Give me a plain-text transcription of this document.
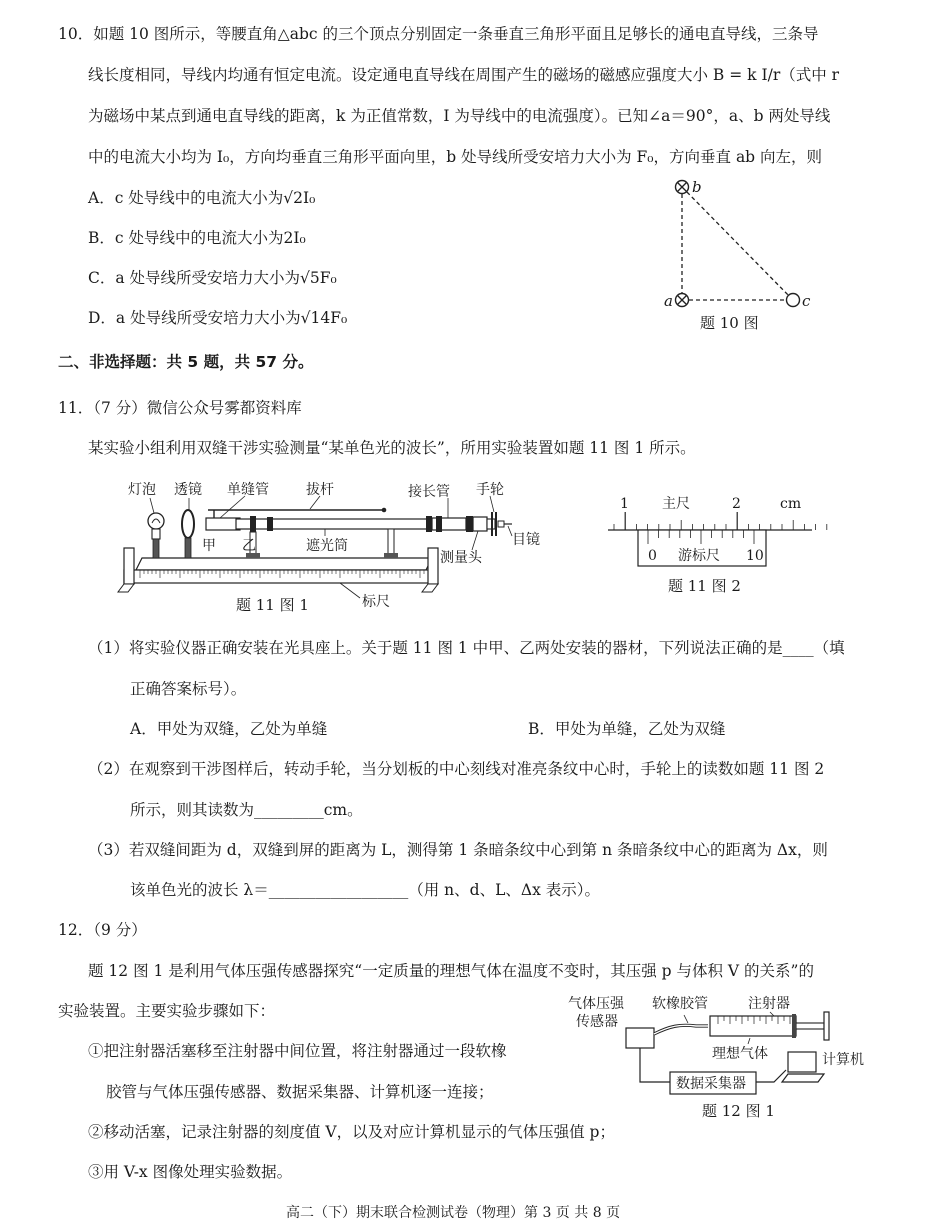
10．如题 10 图所示，等腰直角△abc 的三个顶点分别固定一条垂直三角形平面且足够长的通电直导线，三条导
线长度相同，导线内均通有恒定电流。设定通电直导线在周围产生的磁场的磁感应强度大小 B = k I/r（式中 r
为磁场中某点到通电直导线的距离，k 为正值常数，I 为导线中的电流强度）。已知∠a＝90°，a、b 两处导线
中的电流大小均为 I₀，方向均垂直三角形平面向里，b 处导线所受安培力大小为 F₀，方向垂直 ab 向左，则
A．c 处导线中的电流大小为√2I₀
B．c 处导线中的电流大小为2I₀
C．a 处导线所受安培力大小为√5F₀
D．a 处导线所受安培力大小为√14F₀
b
a	c
题 10 图
二、非选择题：共 5 题，共 57 分。
11．（7 分）微信公众号雾都资料库
某实验小组利用双缝干涉实验测量“某单色光的波长”，所用实验装置如题 11 图 1 所示。
灯泡 透镜 单缝管	拔杆	接长管 手轮
目镜
甲 乙	遮光筒
测量头
标尺
题 11 图 1
1 主尺	2	cm
0 游标尺 10
题 11 图 2
（1）将实验仪器正确安装在光具座上。关于题 11 图 1 中甲、乙两处安装的器材，下列说法正确的是____（填
正确答案标号）。
A．甲处为双缝，乙处为单缝	B．甲处为单缝，乙处为双缝
（2）在观察到干涉图样后，转动手轮，当分划板的中心刻线对准亮条纹中心时，手轮上的读数如题 11 图 2
所示，则其读数为_________cm。
（3）若双缝间距为 d，双缝到屏的距离为 L，测得第 1 条暗条纹中心到第 n 条暗条纹中心的距离为 Δx，则
该单色光的波长 λ＝__________________（用 n、d、L、Δx 表示）。
12．（9 分）
题 12 图 1 是利用气体压强传感器探究“一定质量的理想气体在温度不变时，其压强 p 与体积 V 的关系”的
实验装置。主要实验步骤如下：
①把注射器活塞移至注射器中间位置，将注射器通过一段软橡
胶管与气体压强传感器、数据采集器、计算机逐一连接；
②移动活塞，记录注射器的刻度值 V，以及对应计算机显示的气体压强值 p；
③用 V-x 图像处理实验数据。
气体压强
传感器
软橡胶管	注射器
理想气体
数据采集器
计算机
题 12 图 1
高二（下）期末联合检测试卷（物理）第 3 页 共 8 页
